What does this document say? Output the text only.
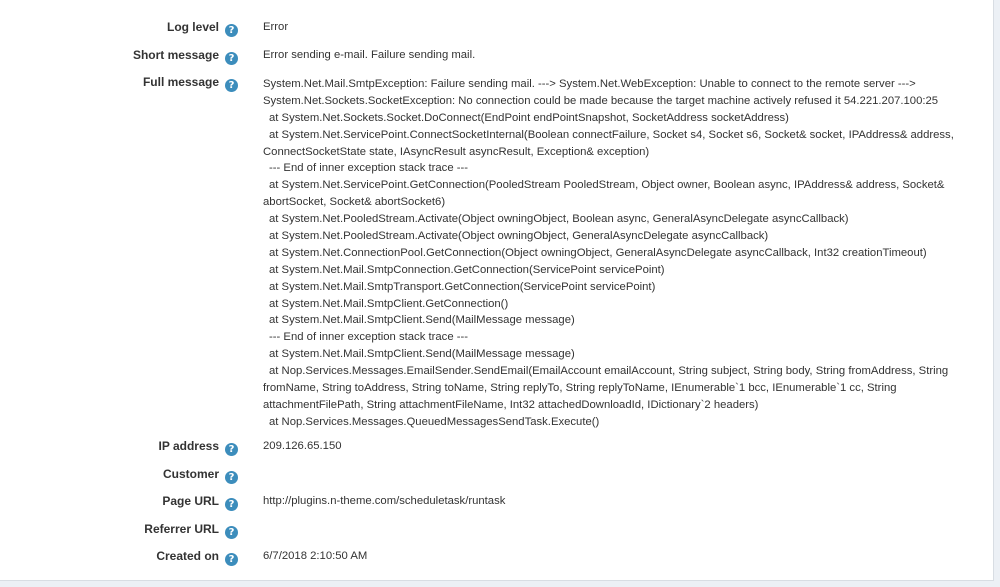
Log level ?	Error
Short message ?	Error sending e-mail. Failure sending mail.
Full message ?	System.Net.Mail.SmtpException: Failure sending mail. ---> System.Net.WebException: Unable to connect to the remote server --->
System.Net.Sockets.SocketException: No connection could be made because the target machine actively refused it 54.221.207.100:25
at System.Net.Sockets.Socket.DoConnect(EndPoint endPointSnapshot, SocketAddress socketAddress)
at System.Net.ServicePoint.ConnectSocketInternal(Boolean connectFailure, Socket s4, Socket s6, Socket& socket, IPAddress& address,
ConnectSocketState state, IAsyncResult asyncResult, Exception& exception)
--- End of inner exception stack trace ---
at System.Net.ServicePoint.GetConnection(PooledStream PooledStream, Object owner, Boolean async, IPAddress& address, Socket&
abortSocket, Socket& abortSocket6)
at System.Net.PooledStream.Activate(Object owningObject, Boolean async, GeneralAsyncDelegate asyncCallback)
at System.Net.PooledStream.Activate(Object owningObject, GeneralAsyncDelegate asyncCallback)
at System.Net.ConnectionPool.GetConnection(Object owningObject, GeneralAsyncDelegate asyncCallback, Int32 creationTimeout)
at System.Net.Mail.SmtpConnection.GetConnection(ServicePoint servicePoint)
at System.Net.Mail.SmtpTransport.GetConnection(ServicePoint servicePoint)
at System.Net.Mail.SmtpClient.GetConnection()
at System.Net.Mail.SmtpClient.Send(MailMessage message)
--- End of inner exception stack trace ---
at System.Net.Mail.SmtpClient.Send(MailMessage message)
at Nop.Services.Messages.EmailSender.SendEmail(EmailAccount emailAccount, String subject, String body, String fromAddress, String
fromName, String toAddress, String toName, String replyTo, String replyToName, IEnumerable`1 bcc, IEnumerable`1 cc, String
attachmentFilePath, String attachmentFileName, Int32 attachedDownloadId, IDictionary`2 headers)
at Nop.Services.Messages.QueuedMessagesSendTask.Execute()
IP address ?	209.126.65.150
Customer ?
Page URL ?	http://plugins.n-theme.com/scheduletask/runtask
Referrer URL ?
Created on ?	6/7/2018 2:10:50 AM
